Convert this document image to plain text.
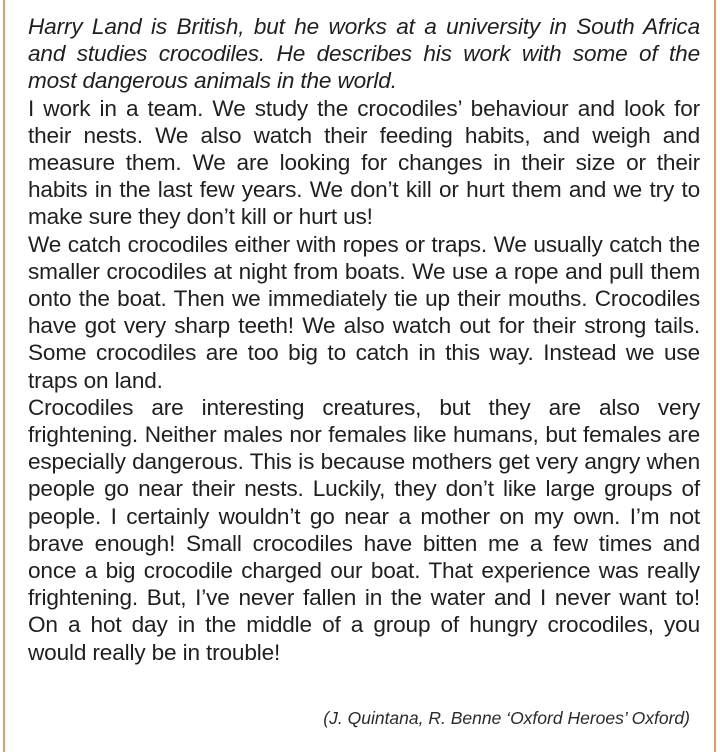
Harry Land is British, but he works at a university in South Africa and studies crocodiles. He describes his work with some of the most dangerous animals in the world.

I work in a team. We study the crocodiles’ behaviour and look for their nests. We also watch their feeding habits, and weigh and measure them. We are looking for changes in their size or their habits in the last few years. We don’t kill or hurt them and we try to make sure they don’t kill or hurt us!

We catch crocodiles either with ropes or traps. We usually catch the smaller crocodiles at night from boats. We use a rope and pull them onto the boat. Then we immediately tie up their mouths. Crocodiles have got very sharp teeth! We also watch out for their strong tails. Some crocodiles are too big to catch in this way. Instead we use traps on land.

Crocodiles are interesting creatures, but they are also very frightening. Neither males nor females like humans, but females are especially dangerous. This is because mothers get very angry when people go near their nests. Luckily, they don’t like large groups of people. I certainly wouldn’t go near a mother on my own. I’m not brave enough! Small crocodiles have bitten me a few times and once a big crocodile charged our boat. That experience was really frightening. But, I’ve never fallen in the water and I never want to! On a hot day in the middle of a group of hungry crocodiles, you would really be in trouble!

(J. Quintana, R. Benne ‘Oxford Heroes’ Oxford)
